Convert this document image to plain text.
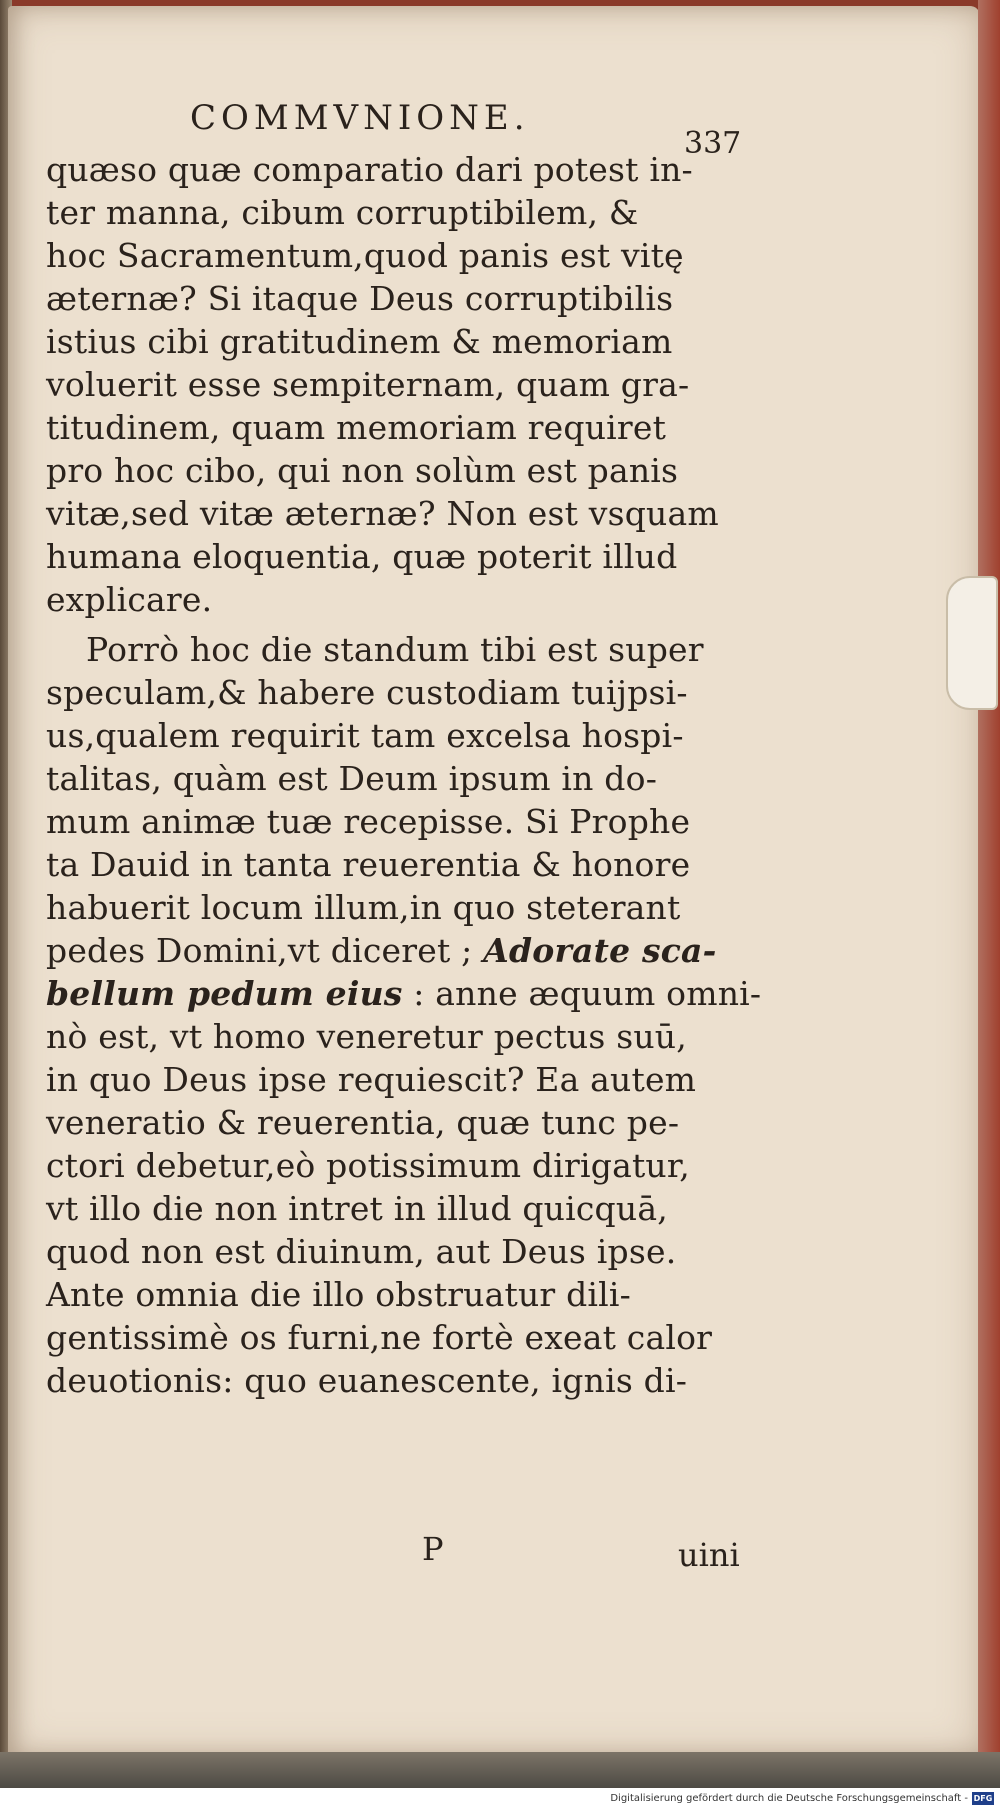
COMMVNIONE.
337
quæso quæ comparatio dari potest in-
ter manna, cibum corruptibilem, &
hoc Sacramentum,quod panis est vitę
æternæ? Si itaque Deus corruptibilis
istius cibi gratitudinem & memoriam
voluerit esse sempiternam, quam gra-
titudinem, quam memoriam requiret
pro hoc cibo, qui non solùm est panis
vitæ,sed vitæ æternæ? Non est vsquam
humana eloquentia, quæ poterit illud
explicare.
Porrò hoc die standum tibi est super
speculam,& habere custodiam tuijpsi-
us,qualem requirit tam excelsa hospi-
talitas, quàm est Deum ipsum in do-
mum animæ tuæ recepisse. Si Prophe
ta Dauid in tanta reuerentia & honore
habuerit locum illum,in quo steterant
pedes Domini,vt diceret ; Adorate sca-
bellum pedum eius : anne æquum omni-
nò est, vt homo veneretur pectus suū,
in quo Deus ipse requiescit? Ea autem
veneratio & reuerentia, quæ tunc pe-
ctori debetur,eò potissimum dirigatur,
vt illo die non intret in illud quicquā,
quod non est diuinum, aut Deus ipse.
Ante omnia die illo obstruatur dili-
gentissimè os furni,ne fortè exeat calor
deuotionis: quo euanescente, ignis di-
P	uini
Digitalisierung gefördert durch die Deutsche Forschungsgemeinschaft - DFG
